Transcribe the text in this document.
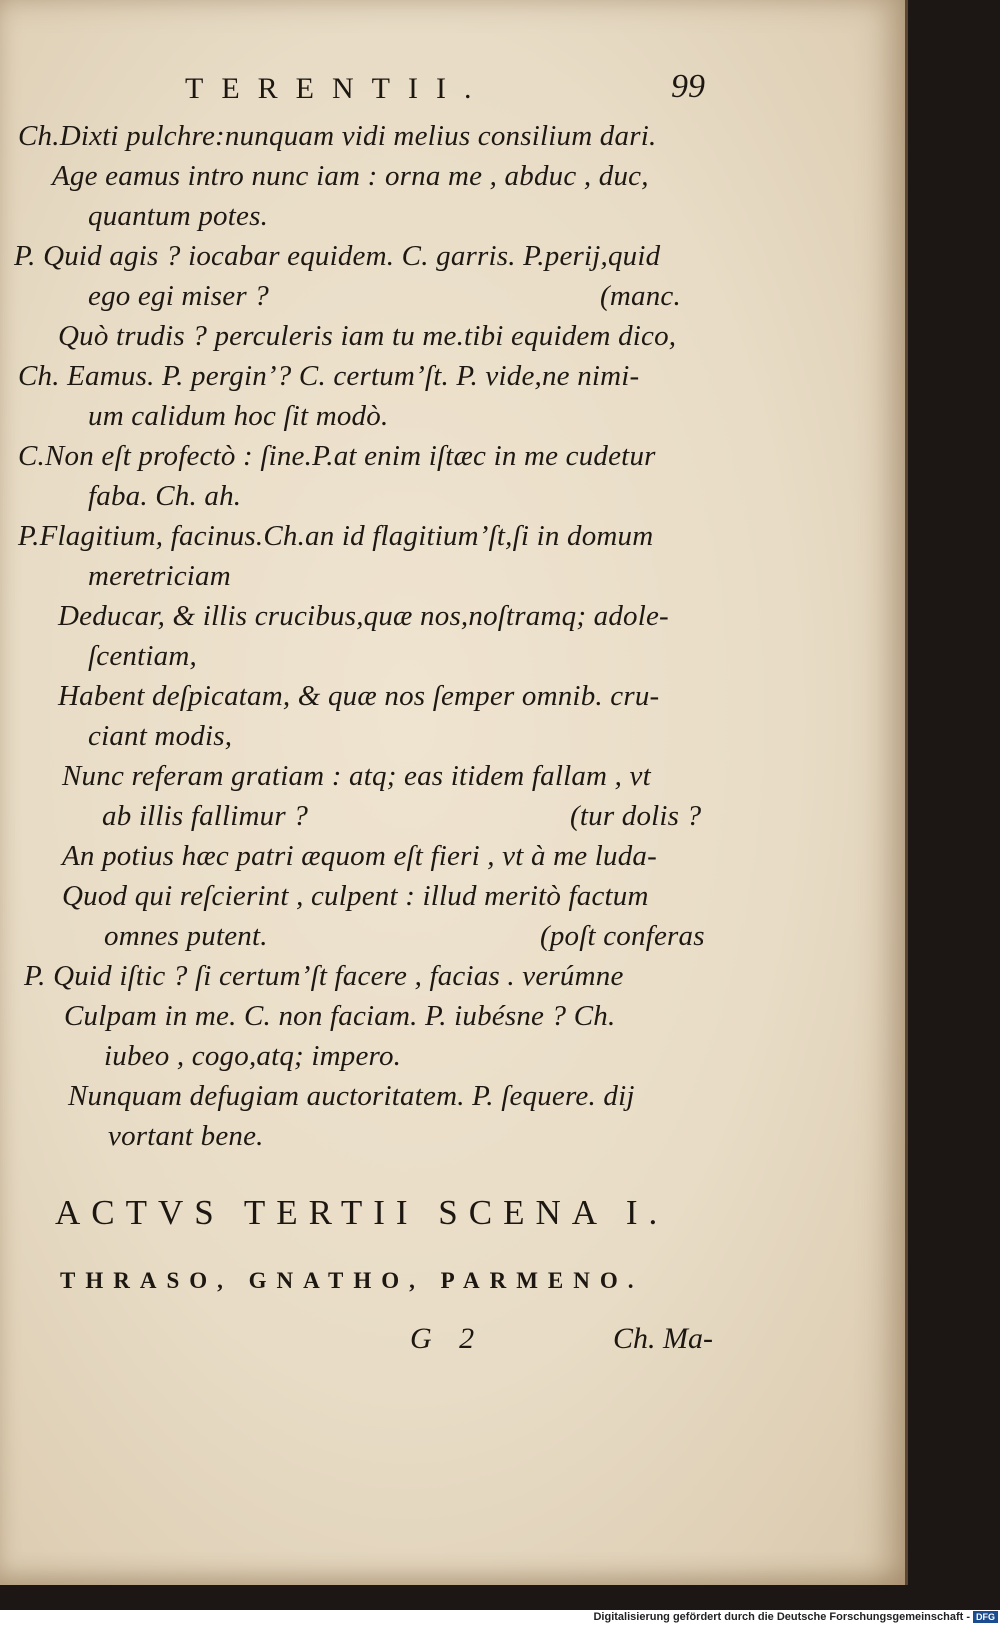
TERENTII.	99
Ch.Dixti pulchre:nunquam vidi melius consilium dari.
Age eamus intro nunc iam : orna me , abduc , duc,
quantum potes.
P. Quid agis ? iocabar equidem. C. garris. P.perij,quid
ego egi miser ?	(manc.
Quò trudis ? perculeris iam tu me.tibi equidem dico,
Ch. Eamus. P. pergin’? C. certum’ſt. P. vide,ne nimi-
um calidum hoc ſit modò.
C.Non eſt profectò : ſine.P.at enim iſtæc in me cudetur
faba. Ch. ah.
P.Flagitium, facinus.Ch.an id flagitium’ſt,ſi in domum
meretriciam
Deducar, & illis crucibus,quæ nos,noſtramq; adole-
ſcentiam,
Habent deſpicatam, & quæ nos ſemper omnib. cru-
ciant modis,
Nunc referam gratiam : atq; eas itidem fallam , vt
ab illis fallimur ?	(tur dolis ?
An potius hæc patri æquom eſt fieri , vt à me luda-
Quod qui reſcierint , culpent : illud meritò factum
omnes putent.	(poſt conferas
P. Quid iſtic ? ſi certum’ſt facere , facias . verúmne
Culpam in me. C. non faciam. P. iubésne ? Ch.
iubeo , cogo,atq; impero.
Nunquam defugiam auctoritatem. P. ſequere. dij
vortant bene.
ACTVS TERTII SCENA I.
THRASO, GNATHO, PARMENO.
G 2	Ch. Ma-
Digitalisierung gefördert durch die Deutsche Forschungsgemeinschaft - DFG
